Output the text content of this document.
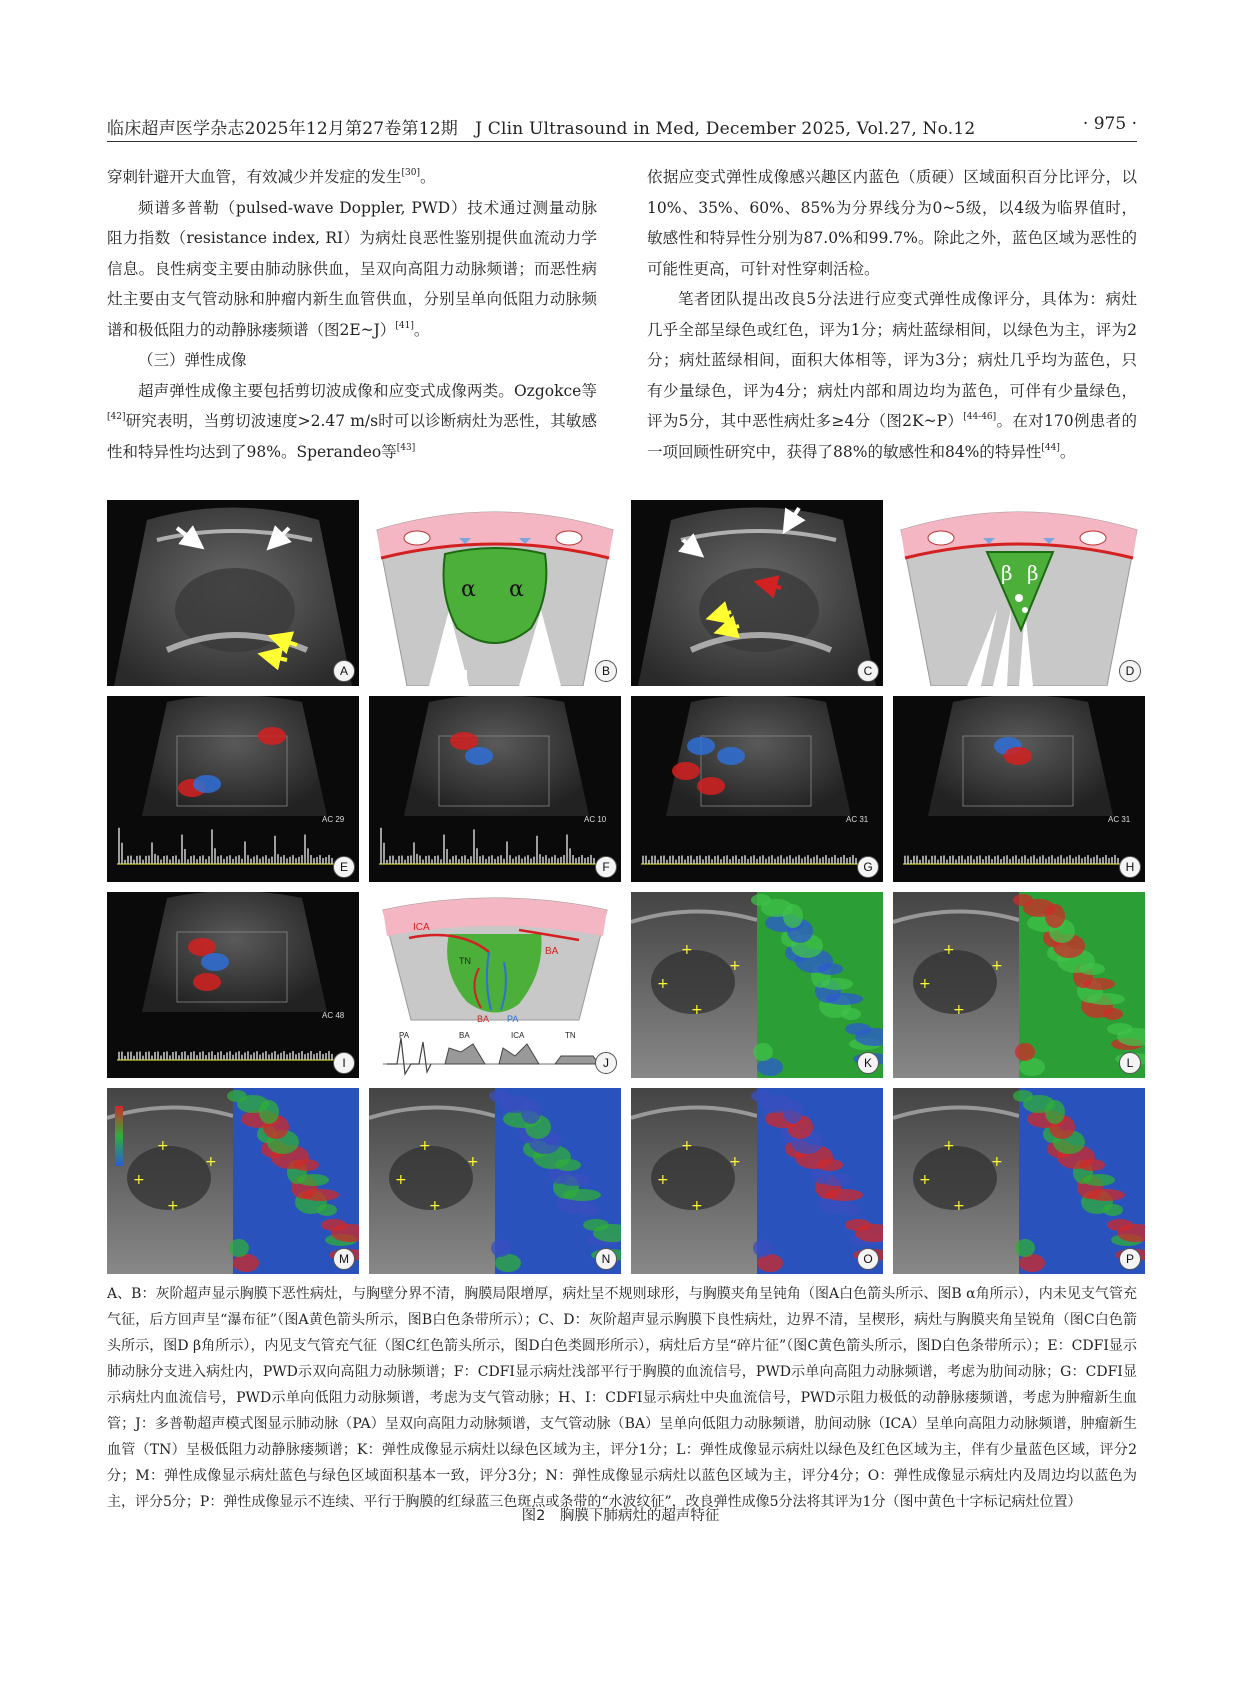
临床超声医学杂志2025年12月第27卷第12期　J Clin Ultrasound in Med, December 2025, Vol.27, No.12	· 975 ·

穿刺针避开大血管，有效减少并发症的发生[30]。

频谱多普勒（pulsed-wave Doppler, PWD）技术通过测量动脉阻力指数（resistance index, RI）为病灶良恶性鉴别提供血流动力学信息。良性病变主要由肺动脉供血，呈双向高阻力动脉频谱；而恶性病灶主要由支气管动脉和肿瘤内新生血管供血，分别呈单向低阻力动脉频谱和极低阻力的动静脉瘘频谱（图2E~J）[41]。

（三）弹性成像

超声弹性成像主要包括剪切波成像和应变式成像两类。Ozgokce等[42]研究表明，当剪切波速度>2.47 m/s时可以诊断病灶为恶性，其敏感性和特异性均达到了98%。Sperandeo等[43]

依据应变式弹性成像感兴趣区内蓝色（质硬）区域面积百分比评分，以10%、35%、60%、85%为分界线分为0~5级，以4级为临界值时，敏感性和特异性分别为87.0%和99.7%。除此之外，蓝色区域为恶性的可能性更高，可针对性穿刺活检。

笔者团队提出改良5分法进行应变式弹性成像评分，具体为：病灶几乎全部呈绿色或红色，评为1分；病灶蓝绿相间，以绿色为主，评为2分；病灶蓝绿相间，面积大体相等，评为3分；病灶几乎均为蓝色，只有少量绿色，评为4分；病灶内部和周边均为蓝色，可伴有少量绿色，评为5分，其中恶性病灶多≥4分（图2K~P）[44-46]。在对170例患者的一项回顾性研究中，获得了88%的敏感性和84%的特异性[44]。

A
α α
B	C
β β
D
AC 29
E
AC 10
F
AC 31
G
AC 31
H
AC 48
I
ICA
BA
TN
BA PA
PA	BA	ICA	TN
J
+
+
+
+
K
+
+
+
+
L
+
+
+
+
M
+
+
+
+
N
+
+
+
+
O
+
+
+
+
P
A、B：灰阶超声显示胸膜下恶性病灶，与胸壁分界不清，胸膜局限增厚，病灶呈不规则球形，与胸膜夹角呈钝角（图A白色箭头所示、图B α角所示），内未见支气管充气征，后方回声呈“瀑布征”（图A黄色箭头所示，图B白色条带所示）；C、D：灰阶超声显示胸膜下良性病灶，边界不清，呈楔形，病灶与胸膜夹角呈锐角（图C白色箭头所示，图D β角所示），内见支气管充气征（图C红色箭头所示，图D白色类圆形所示），病灶后方呈“碎片征”（图C黄色箭头所示，图D白色条带所示）；E：CDFI显示肺动脉分支进入病灶内，PWD示双向高阻力动脉频谱；F：CDFI显示病灶浅部平行于胸膜的血流信号，PWD示单向高阻力动脉频谱，考虑为肋间动脉；G：CDFI显示病灶内血流信号，PWD示单向低阻力动脉频谱，考虑为支气管动脉；H、I：CDFI显示病灶中央血流信号，PWD示阻力极低的动静脉瘘频谱，考虑为肿瘤新生血管；J：多普勒超声模式图显示肺动脉（PA）呈双向高阻力动脉频谱，支气管动脉（BA）呈单向低阻力动脉频谱，肋间动脉（ICA）呈单向高阻力动脉频谱，肿瘤新生血管（TN）呈极低阻力动静脉瘘频谱；K：弹性成像显示病灶以绿色区域为主，评分1分；L：弹性成像显示病灶以绿色及红色区域为主，伴有少量蓝色区域，评分2分；M：弹性成像显示病灶蓝色与绿色区域面积基本一致，评分3分；N：弹性成像显示病灶以蓝色区域为主，评分4分；O：弹性成像显示病灶内及周边均以蓝色为主，评分5分；P：弹性成像显示不连续、平行于胸膜的红绿蓝三色斑点或条带的“水波纹征”，改良弹性成像5分法将其评为1分（图中黄色十字标记病灶位置）
图2　胸膜下肺病灶的超声特征
